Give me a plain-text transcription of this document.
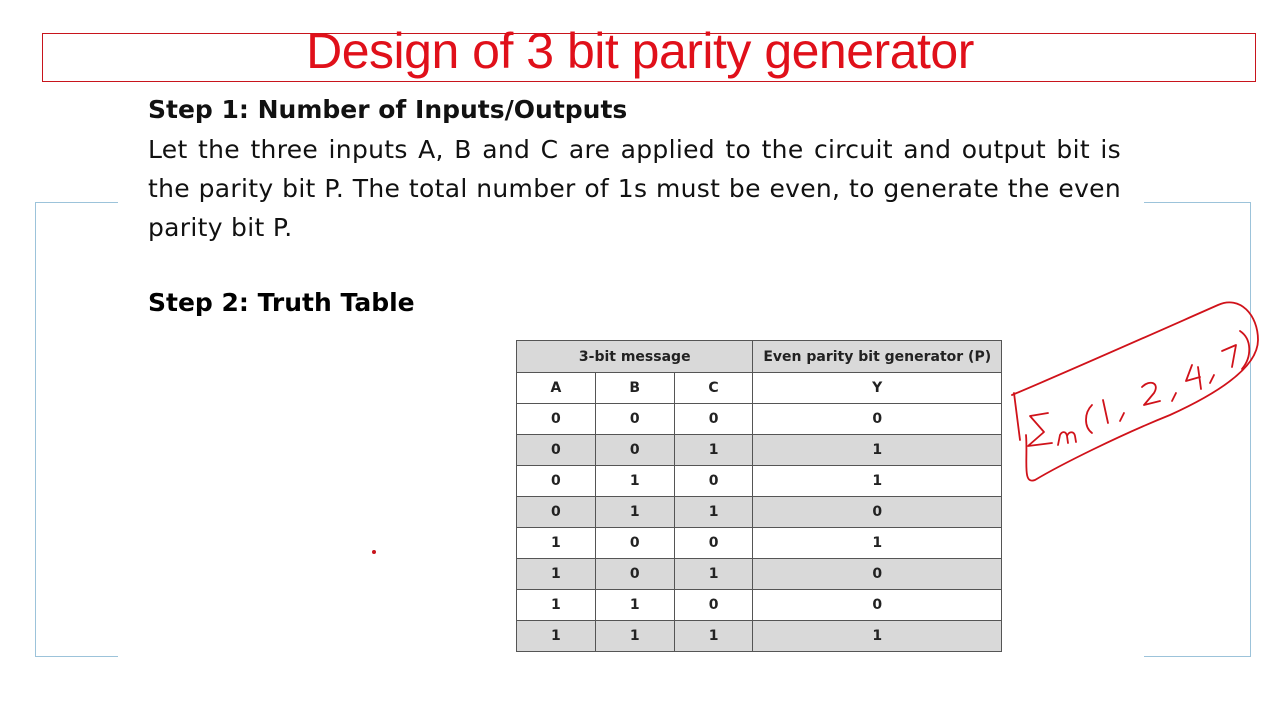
Design of 3 bit parity generator

Step 1: Number of Inputs/Outputs

Let the three inputs A, B and C are applied to the circuit and output bit is the parity bit P. The total number of 1s must be even, to generate the even parity bit P.

Step 2: Truth Table

3-bit message			Even parity bit generator (P)
A	B	C	Y
0	0	0	0
0	0	1	1
0	1	0	1
0	1	1	0
1	0	0	1
1	0	1	0
1	1	0	0
1	1	1	1
